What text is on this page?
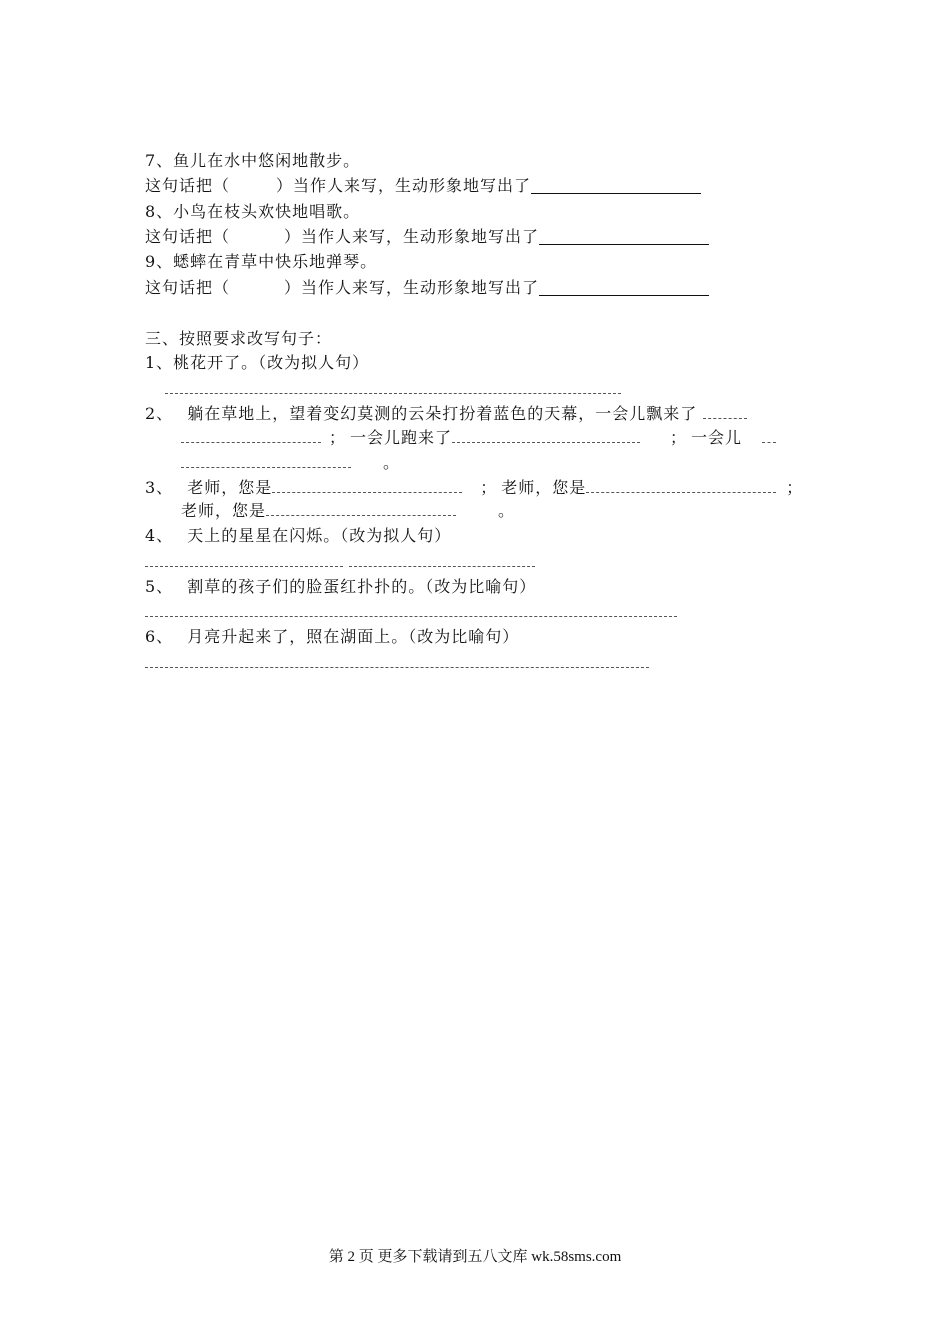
7、鱼儿在水中悠闲地散步。
这句话把（	）当作人来写，生动形象地写出了
8、小鸟在枝头欢快地唱歌。
这句话把（	）当作人来写，生动形象地写出了
9、蟋蟀在青草中快乐地弹琴。
这句话把（	）当作人来写，生动形象地写出了
三、按照要求改写句子：
1、桃花开了。（改为拟人句）
2、 躺在草地上，望着变幻莫测的云朵打扮着蓝色的天幕，一会儿飘来了
； 一会儿跑来了	； 一会儿
。
3、 老师，您是	； 老师，您是	；
老师，您是	。
4、 天上的星星在闪烁。（改为拟人句）
5、 割草的孩子们的脸蛋红扑扑的。（改为比喻句）
6、 月亮升起来了，照在湖面上。（改为比喻句）
第 2 页 更多下载请到五八文库 wk.58sms.com
